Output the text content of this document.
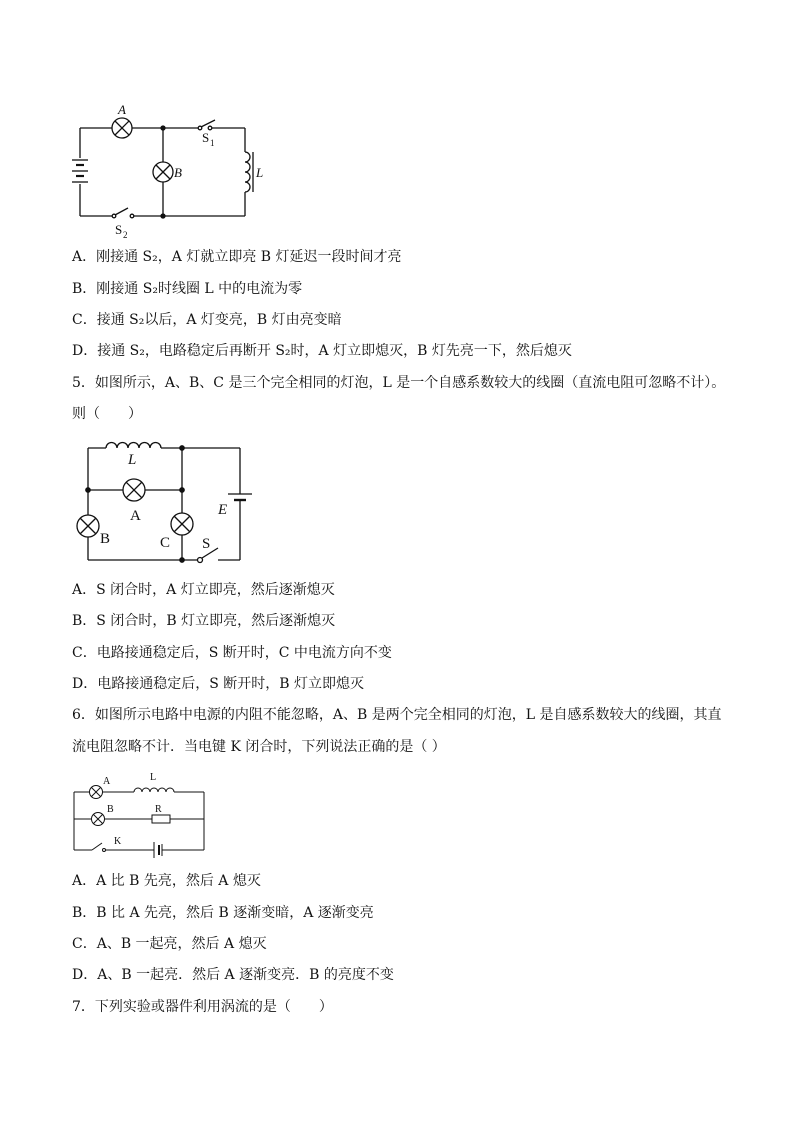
A
B	L
S 1
S 2
A．刚接通 S₂，A 灯就立即亮 B 灯延迟一段时间才亮
B．刚接通 S₂时线圈 L 中的电流为零
C．接通 S₂以后，A 灯变亮，B 灯由亮变暗
D．接通 S₂，电路稳定后再断开 S₂时，A 灯立即熄灭，B 灯先亮一下，然后熄灭
5．如图所示，A、B、C 是三个完全相同的灯泡，L 是一个自感系数较大的线圈（直流电阻可忽略不计）。
则（　　）
L
A
B	C
E
S
A．S 闭合时，A 灯立即亮，然后逐渐熄灭
B．S 闭合时，B 灯立即亮，然后逐渐熄灭
C．电路接通稳定后，S 断开时，C 中电流方向不变
D．电路接通稳定后，S 断开时，B 灯立即熄灭
6．如图所示电路中电源的内阻不能忽略，A、B 是两个完全相同的灯泡，L 是自感系数较大的线圈，其直
流电阻忽略不计．当电键 K 闭合时，下列说法正确的是（ ）
A
B
L
R
K
A．A 比 B 先亮，然后 A 熄灭
B．B 比 A 先亮，然后 B 逐渐变暗，A 逐渐变亮
C．A、B 一起亮，然后 A 熄灭
D．A、B 一起亮．然后 A 逐渐变亮．B 的亮度不变
7．下列实验或器件利用涡流的是（　　）
